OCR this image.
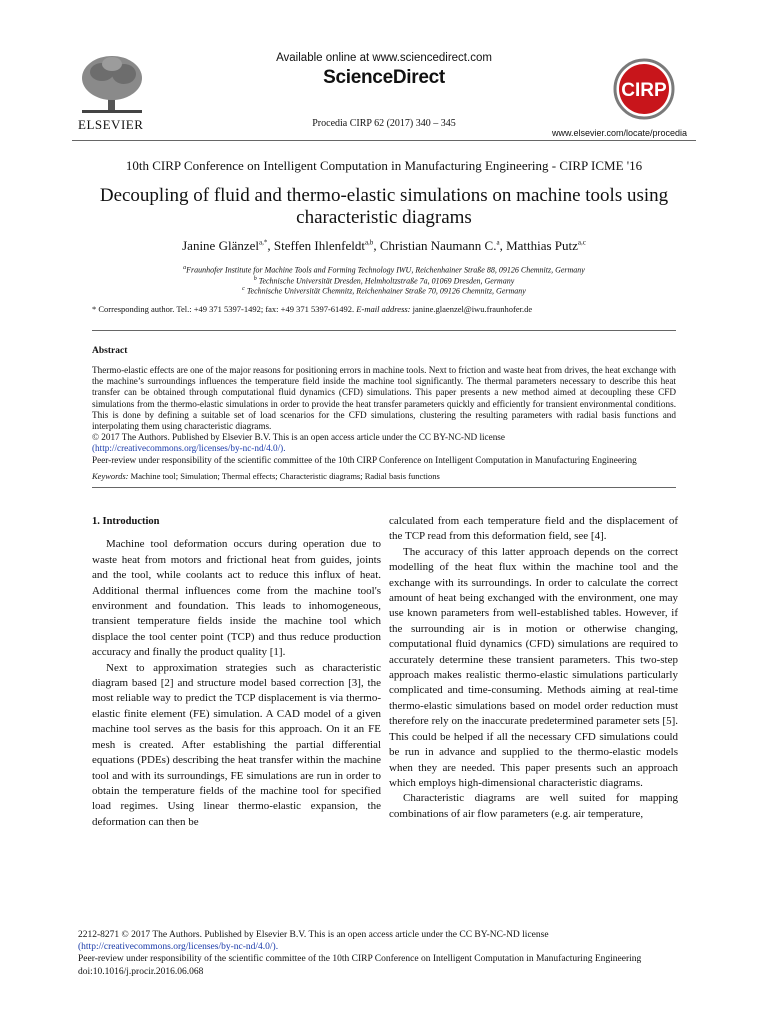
ELSEVIER
Available online at www.sciencedirect.com
ScienceDirect
Procedia CIRP 62 (2017) 340 – 345
CIRP
www.elsevier.com/locate/procedia
10th CIRP Conference on Intelligent Computation in Manufacturing Engineering - CIRP ICME '16
Decoupling of fluid and thermo-elastic simulations on machine tools using
characteristic diagrams
Janine Glänzel$^{a,*}$, Steffen Ihlenfeldt$^{a,b}$, Christian Naumann C.$^a$, Matthias Putz$^{a,c}$
$^a$Fraunhofer Institute for Machine Tools and Forming Technology IWU, Reichenhainer Straße 88, 09126 Chemnitz, Germany
$^b$ Technische Universität Dresden, Helmholtzstraße 7a, 01069 Dresden, Germany
$^c$ Technische Universität Chemnitz, Reichenhainer Straße 70, 09126 Chemnitz, Germany
* Corresponding author. Tel.: +49 371 5397-1492; fax: +49 371 5397-61492. E-mail address: janine.glaenzel@iwu.fraunhofer.de
Abstract

Thermo-elastic effects are one of the major reasons for positioning errors in machine tools. Next to friction and waste heat from drives, the heat exchange with the machine’s surroundings influences the temperature field inside the machine tool significantly. The thermal parameters necessary to describe this heat transfer can be obtained through computational fluid dynamics (CFD) simulations. This paper presents a new method aimed at decoupling these CFD simulations from the thermo-elastic simulations in order to provide the heat transfer parameters quickly and efficiently for transient environmental conditions. This is done by defining a suitable set of load scenarios for the CFD simulations, clustering the resulting parameters with radial basis functions and interpolating them using characteristic diagrams.

© 2017 The Authors. Published by Elsevier B.V. This is an open access article under the CC BY-NC-ND license
(http://creativecommons.org/licenses/by-nc-nd/4.0/).
Peer-review under responsibility of the scientific committee of the 10th CIRP Conference on Intelligent Computation in Manufacturing Engineering
Keywords: Machine tool; Simulation; Thermal effects; Characteristic diagrams; Radial basis functions
1. Introduction

Machine tool deformation occurs during operation due to waste heat from motors and frictional heat from guides, joints and the tool, while coolants act to reduce this influx of heat. Additional thermal influences come from the machine tool's environment and foundation. This leads to inhomogeneous, transient temperature fields inside the machine tool which displace the tool center point (TCP) and thus reduce production accuracy and finally the product quality [1].

Next to approximation strategies such as characteristic diagram based [2] and structure model based correction [3], the most reliable way to predict the TCP displacement is via thermo-elastic finite element (FE) simulation. A CAD model of a given machine tool serves as the basis for this approach. On it an FE mesh is created. After establishing the partial differential equations (PDEs) describing the heat transfer within the machine tool and with its surroundings, FE simulations are run in order to obtain the temperature fields of the machine tool for specified load regimes. Using linear thermo-elastic expansion, the deformation can then be

calculated from each temperature field and the displacement of the TCP read from this deformation field, see [4].

The accuracy of this latter approach depends on the correct modelling of the heat flux within the machine tool and the exchange with its surroundings. In order to calculate the correct amount of heat being exchanged with the environment, one may use known parameters from well-established tables. However, if the surrounding air is in motion or otherwise changing, computational fluid dynamics (CFD) simulations are required to accurately determine these transient parameters. This two-step approach makes realistic thermo-elastic simulations particularly complicated and time-consuming. Methods aiming at real-time thermo-elastic simulations based on model order reduction must therefore rely on the inaccurate predetermined parameter sets [5]. This could be helped if all the necessary CFD simulations could be run in advance and supplied to the thermo-elastic models when they are needed. This paper presents such an approach which employs high-dimensional characteristic diagrams.

Characteristic diagrams are well suited for mapping combinations of air flow parameters (e.g. air temperature,

2212-8271 © 2017 The Authors. Published by Elsevier B.V. This is an open access article under the CC BY-NC-ND license
(http://creativecommons.org/licenses/by-nc-nd/4.0/).
Peer-review under responsibility of the scientific committee of the 10th CIRP Conference on Intelligent Computation in Manufacturing Engineering
doi:10.1016/j.procir.2016.06.068
